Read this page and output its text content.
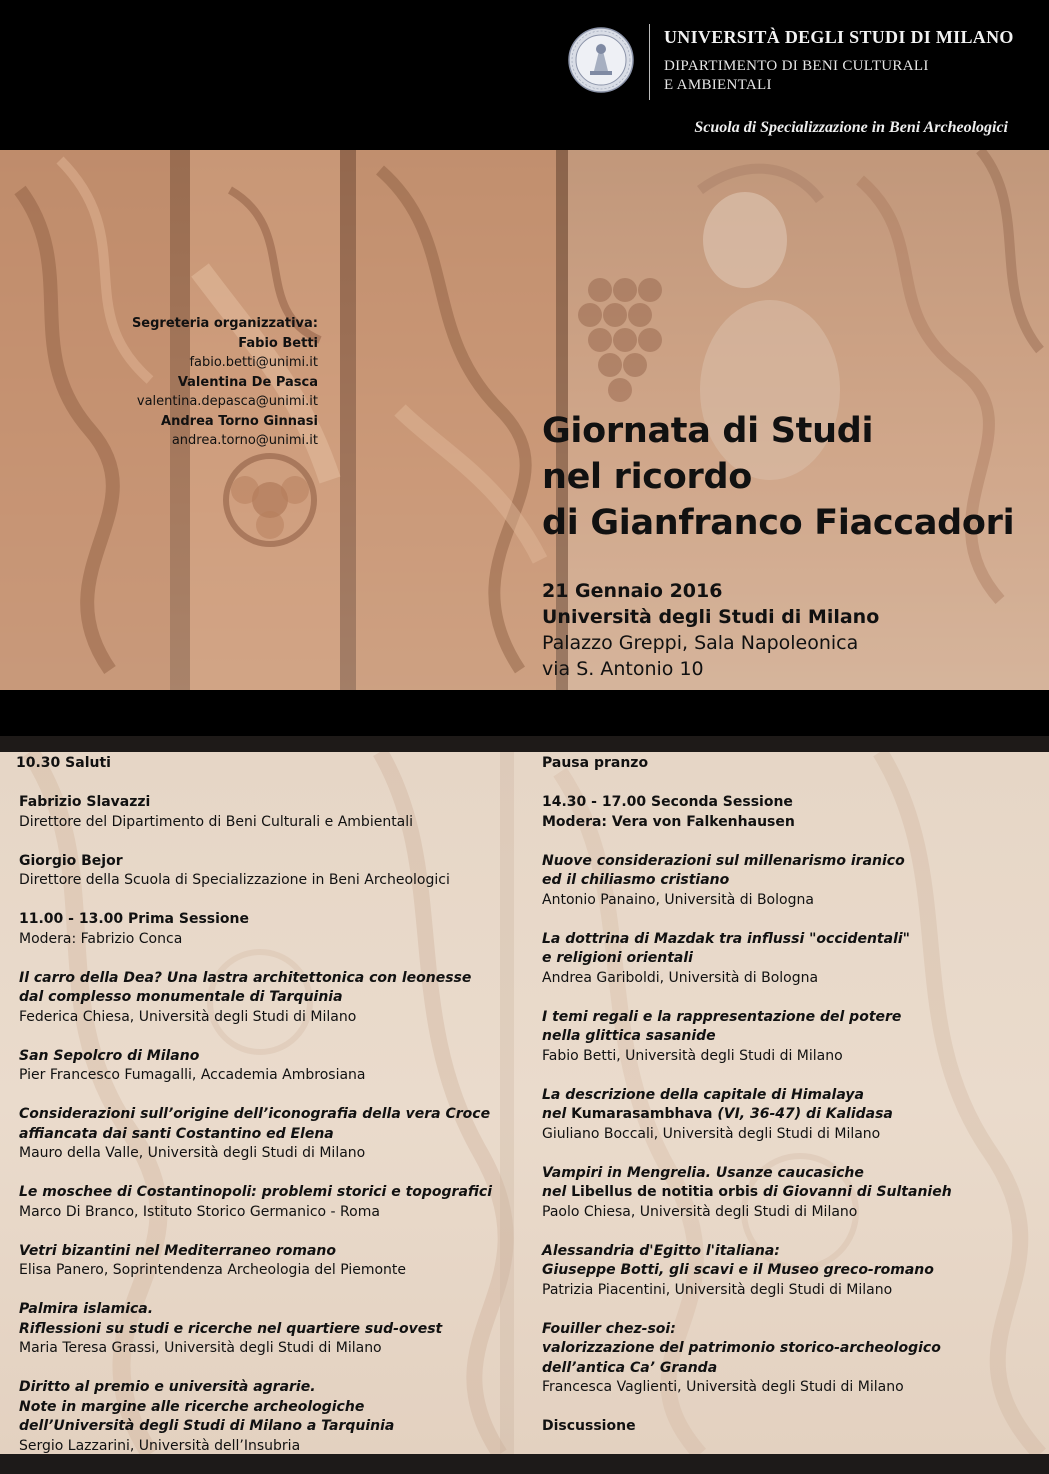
UNIVERSITÀ DEGLI STUDI DI MILANO
DIPARTIMENTO DI BENI CULTURALI
E AMBIENTALI
Scuola di Specializzazione in Beni Archeologici
Segreteria organizzativa:
Fabio Betti
fabio.betti@unimi.it
Valentina De Pasca
valentina.depasca@unimi.it
Andrea Torno Ginnasi
andrea.torno@unimi.it	Giornata di Studi
nel ricordo
di Gianfranco Fiaccadori
21 Gennaio 2016
Università degli Studi di Milano
Palazzo Greppi, Sala Napoleonica
via S. Antonio 10
10.30 Saluti
Fabrizio Slavazzi
Direttore del Dipartimento di Beni Culturali e Ambientali
Giorgio Bejor
Direttore della Scuola di Specializzazione in Beni Archeologici
11.00 - 13.00 Prima Sessione
Modera: Fabrizio Conca
Il carro della Dea? Una lastra architettonica con leonesse
dal complesso monumentale di Tarquinia
Federica Chiesa, Università degli Studi di Milano
San Sepolcro di Milano
Pier Francesco Fumagalli, Accademia Ambrosiana
Considerazioni sull’origine dell’iconografia della vera Croce
affiancata dai santi Costantino ed Elena
Mauro della Valle, Università degli Studi di Milano
Le moschee di Costantinopoli: problemi storici e topografici
Marco Di Branco, Istituto Storico Germanico - Roma
Vetri bizantini nel Mediterraneo romano
Elisa Panero, Soprintendenza Archeologia del Piemonte
Palmira islamica.
Riflessioni su studi e ricerche nel quartiere sud-ovest
Maria Teresa Grassi, Università degli Studi di Milano
Diritto al premio e università agrarie.
Note in margine alle ricerche archeologiche
dell’Università degli Studi di Milano a Tarquinia
Sergio Lazzarini, Università dell’Insubria
Pausa pranzo
14.30 - 17.00 Seconda Sessione
Modera: Vera von Falkenhausen
Nuove considerazioni sul millenarismo iranico
ed il chiliasmo cristiano
Antonio Panaino, Università di Bologna
La dottrina di Mazdak tra influssi "occidentali"
e religioni orientali
Andrea Gariboldi, Università di Bologna
I temi regali e la rappresentazione del potere
nella glittica sasanide
Fabio Betti, Università degli Studi di Milano
La descrizione della capitale di Himalaya
nel Kumarasambhava (VI, 36-47) di Kalidasa
Giuliano Boccali, Università degli Studi di Milano
Vampiri in Mengrelia. Usanze caucasiche
nel Libellus de notitia orbis di Giovanni di Sultanieh
Paolo Chiesa, Università degli Studi di Milano
Alessandria d'Egitto l'italiana:
Giuseppe Botti, gli scavi e il Museo greco-romano
Patrizia Piacentini, Università degli Studi di Milano
Fouiller chez-soi:
valorizzazione del patrimonio storico-archeologico
dell’antica Ca’ Granda
Francesca Vaglienti, Università degli Studi di Milano
Discussione
